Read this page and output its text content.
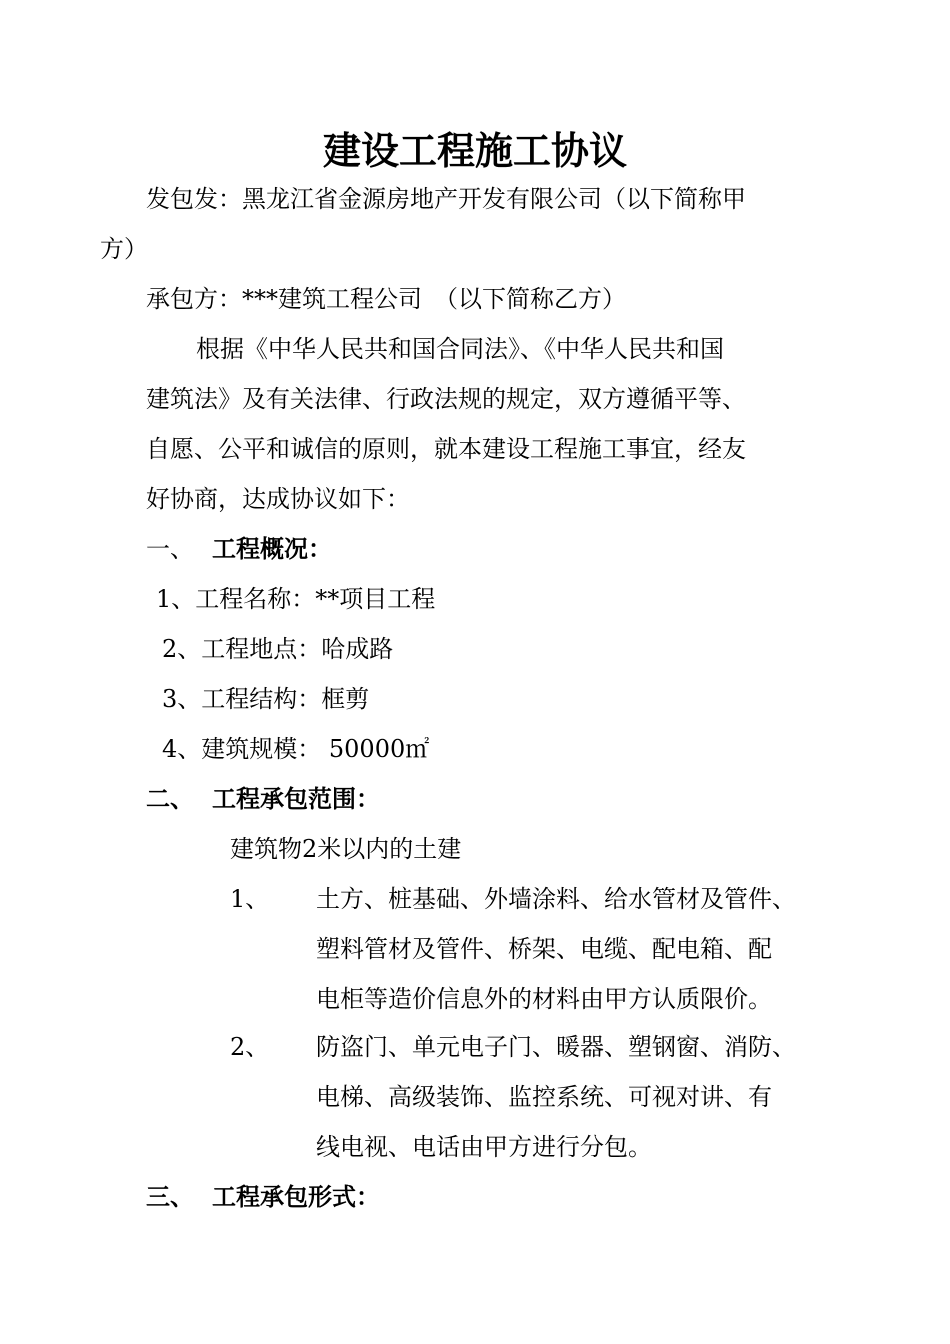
建设工程施工协议
发包发：黑龙江省金源房地产开发有限公司（以下简称甲
方）
承包方：***建筑工程公司　（以下简称乙方）
根据《中华人民共和国合同法》、《中华人民共和国
建筑法》及有关法律、行政法规的规定，双方遵循平等、
自愿、公平和诚信的原则，就本建设工程施工事宜，经友
好协商，达成协议如下：
一、 工程概况：
1、工程名称：**项目工程
2、工程地点：哈成路
3、工程结构：框剪
4、建筑规模： 50000㎡
二、 工程承包范围：
建筑物2米以内的土建
1、 土方、桩基础、外墙涂料、给水管材及管件、
塑料管材及管件、桥架、电缆、配电箱、配
电柜等造价信息外的材料由甲方认质限价。
2、 防盗门、单元电子门、暖器、塑钢窗、消防、
电梯、高级装饰、监控系统、可视对讲、有
线电视、电话由甲方进行分包。
三、 工程承包形式：
